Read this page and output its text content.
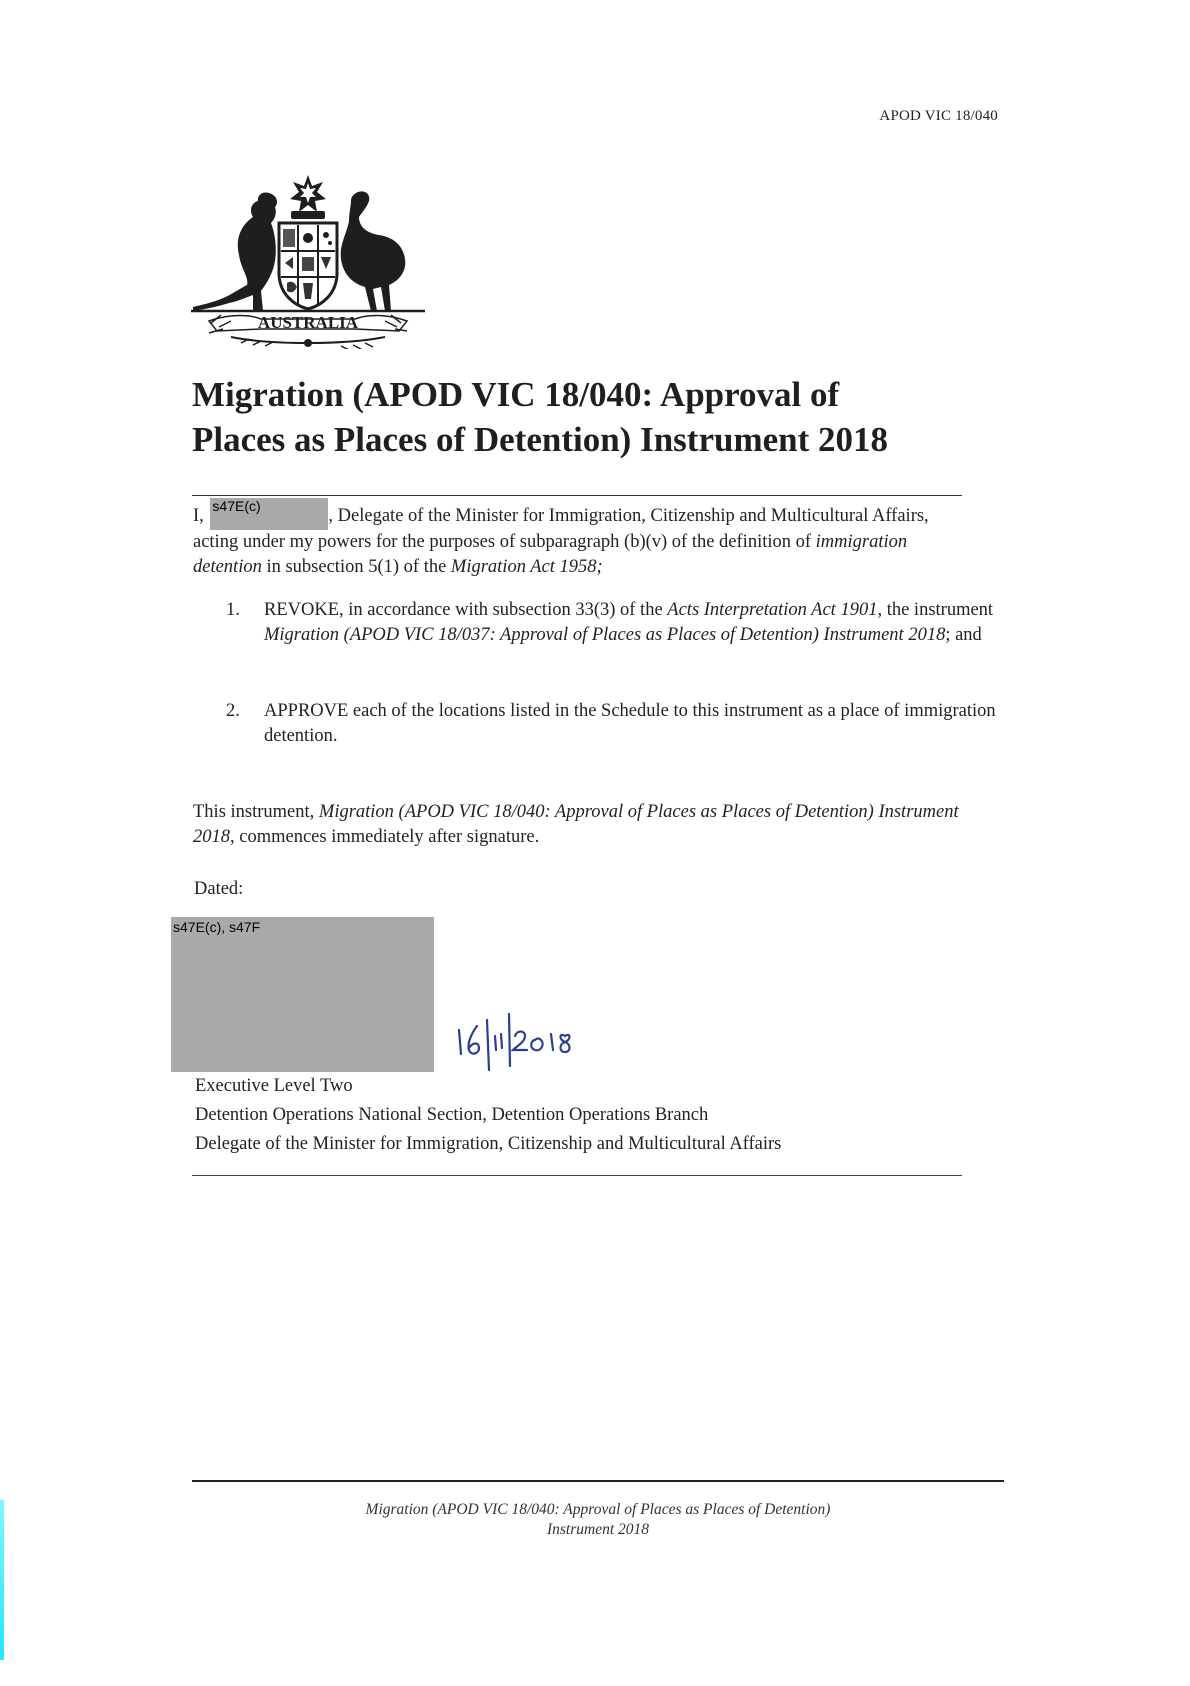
APOD VIC 18/040
AUSTRALIA
Migration (APOD VIC 18/040: Approval of
Places as Places of Detention) Instrument 2018
I, s47E(c)	, Delegate of the Minister for Immigration, Citizenship and Multicultural Affairs, acting under my powers for the purposes of subparagraph (b)(v) of the definition of immigration detention in subsection 5(1) of the Migration Act 1958;
1.	REVOKE, in accordance with subsection 33(3) of the Acts Interpretation Act 1901, the instrument Migration (APOD VIC 18/037: Approval of Places as Places of Detention) Instrument 2018; and
2.	APPROVE each of the locations listed in the Schedule to this instrument as a place of immigration detention.
This instrument, Migration (APOD VIC 18/040: Approval of Places as Places of Detention) Instrument 2018, commences immediately after signature.
Dated:
s47E(c), s47F
Executive Level Two
Detention Operations National Section, Detention Operations Branch
Delegate of the Minister for Immigration, Citizenship and Multicultural Affairs
Migration (APOD VIC 18/040: Approval of Places as Places of Detention)
Instrument 2018
